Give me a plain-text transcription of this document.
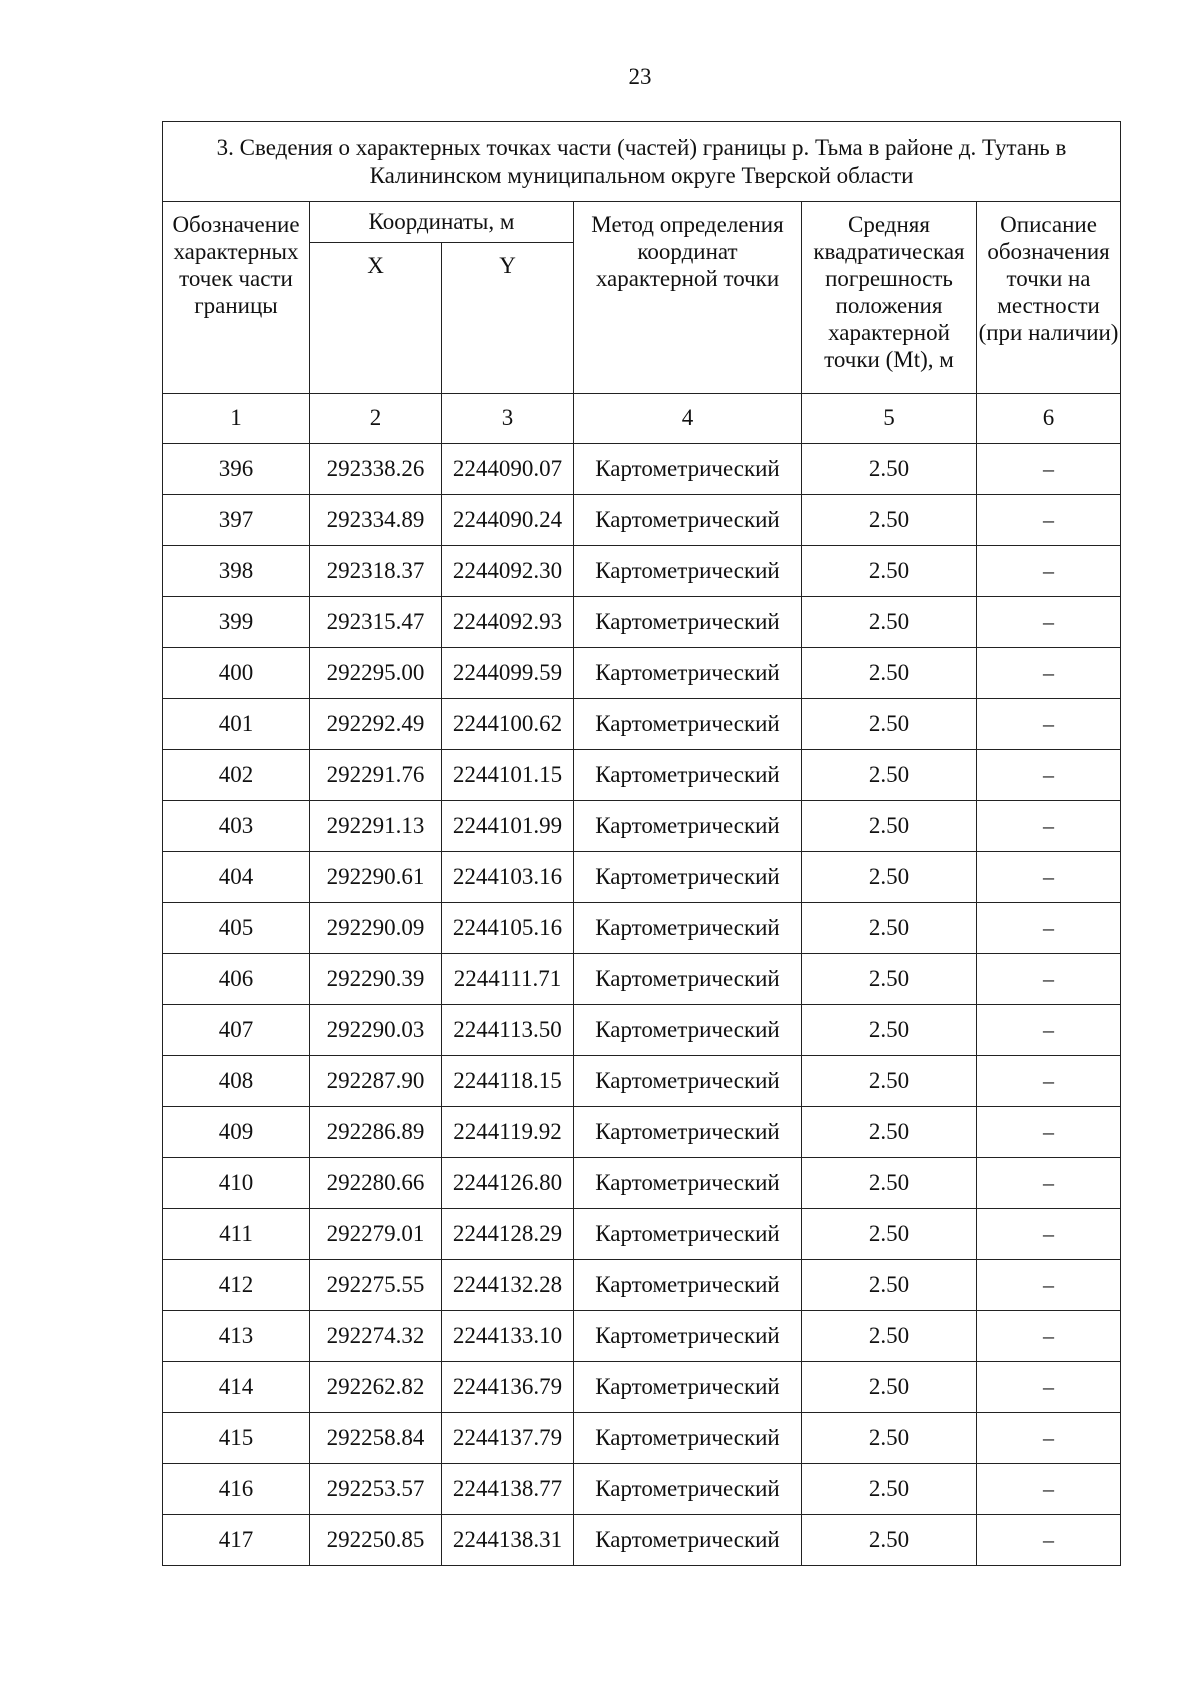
23
3. Сведения о характерных точках части (частей) границы р. Тьма в районе д. Тутань в Калининском муниципальном округе Тверской области					
Обозначение характерных точек части границы	Координаты, м		Метод определения координат характерной точки	Средняя квадратическая погрешность положения характерной точки (Mt), м	Описание обозначения точки на местности (при наличии)
	X	Y			
1	2	3	4	5	6
396	292338.26	2244090.07	Картометрический	2.50	–
397	292334.89	2244090.24	Картометрический	2.50	–
398	292318.37	2244092.30	Картометрический	2.50	–
399	292315.47	2244092.93	Картометрический	2.50	–
400	292295.00	2244099.59	Картометрический	2.50	–
401	292292.49	2244100.62	Картометрический	2.50	–
402	292291.76	2244101.15	Картометрический	2.50	–
403	292291.13	2244101.99	Картометрический	2.50	–
404	292290.61	2244103.16	Картометрический	2.50	–
405	292290.09	2244105.16	Картометрический	2.50	–
406	292290.39	2244111.71	Картометрический	2.50	–
407	292290.03	2244113.50	Картометрический	2.50	–
408	292287.90	2244118.15	Картометрический	2.50	–
409	292286.89	2244119.92	Картометрический	2.50	–
410	292280.66	2244126.80	Картометрический	2.50	–
411	292279.01	2244128.29	Картометрический	2.50	–
412	292275.55	2244132.28	Картометрический	2.50	–
413	292274.32	2244133.10	Картометрический	2.50	–
414	292262.82	2244136.79	Картометрический	2.50	–
415	292258.84	2244137.79	Картометрический	2.50	–
416	292253.57	2244138.77	Картометрический	2.50	–
417	292250.85	2244138.31	Картометрический	2.50	–
